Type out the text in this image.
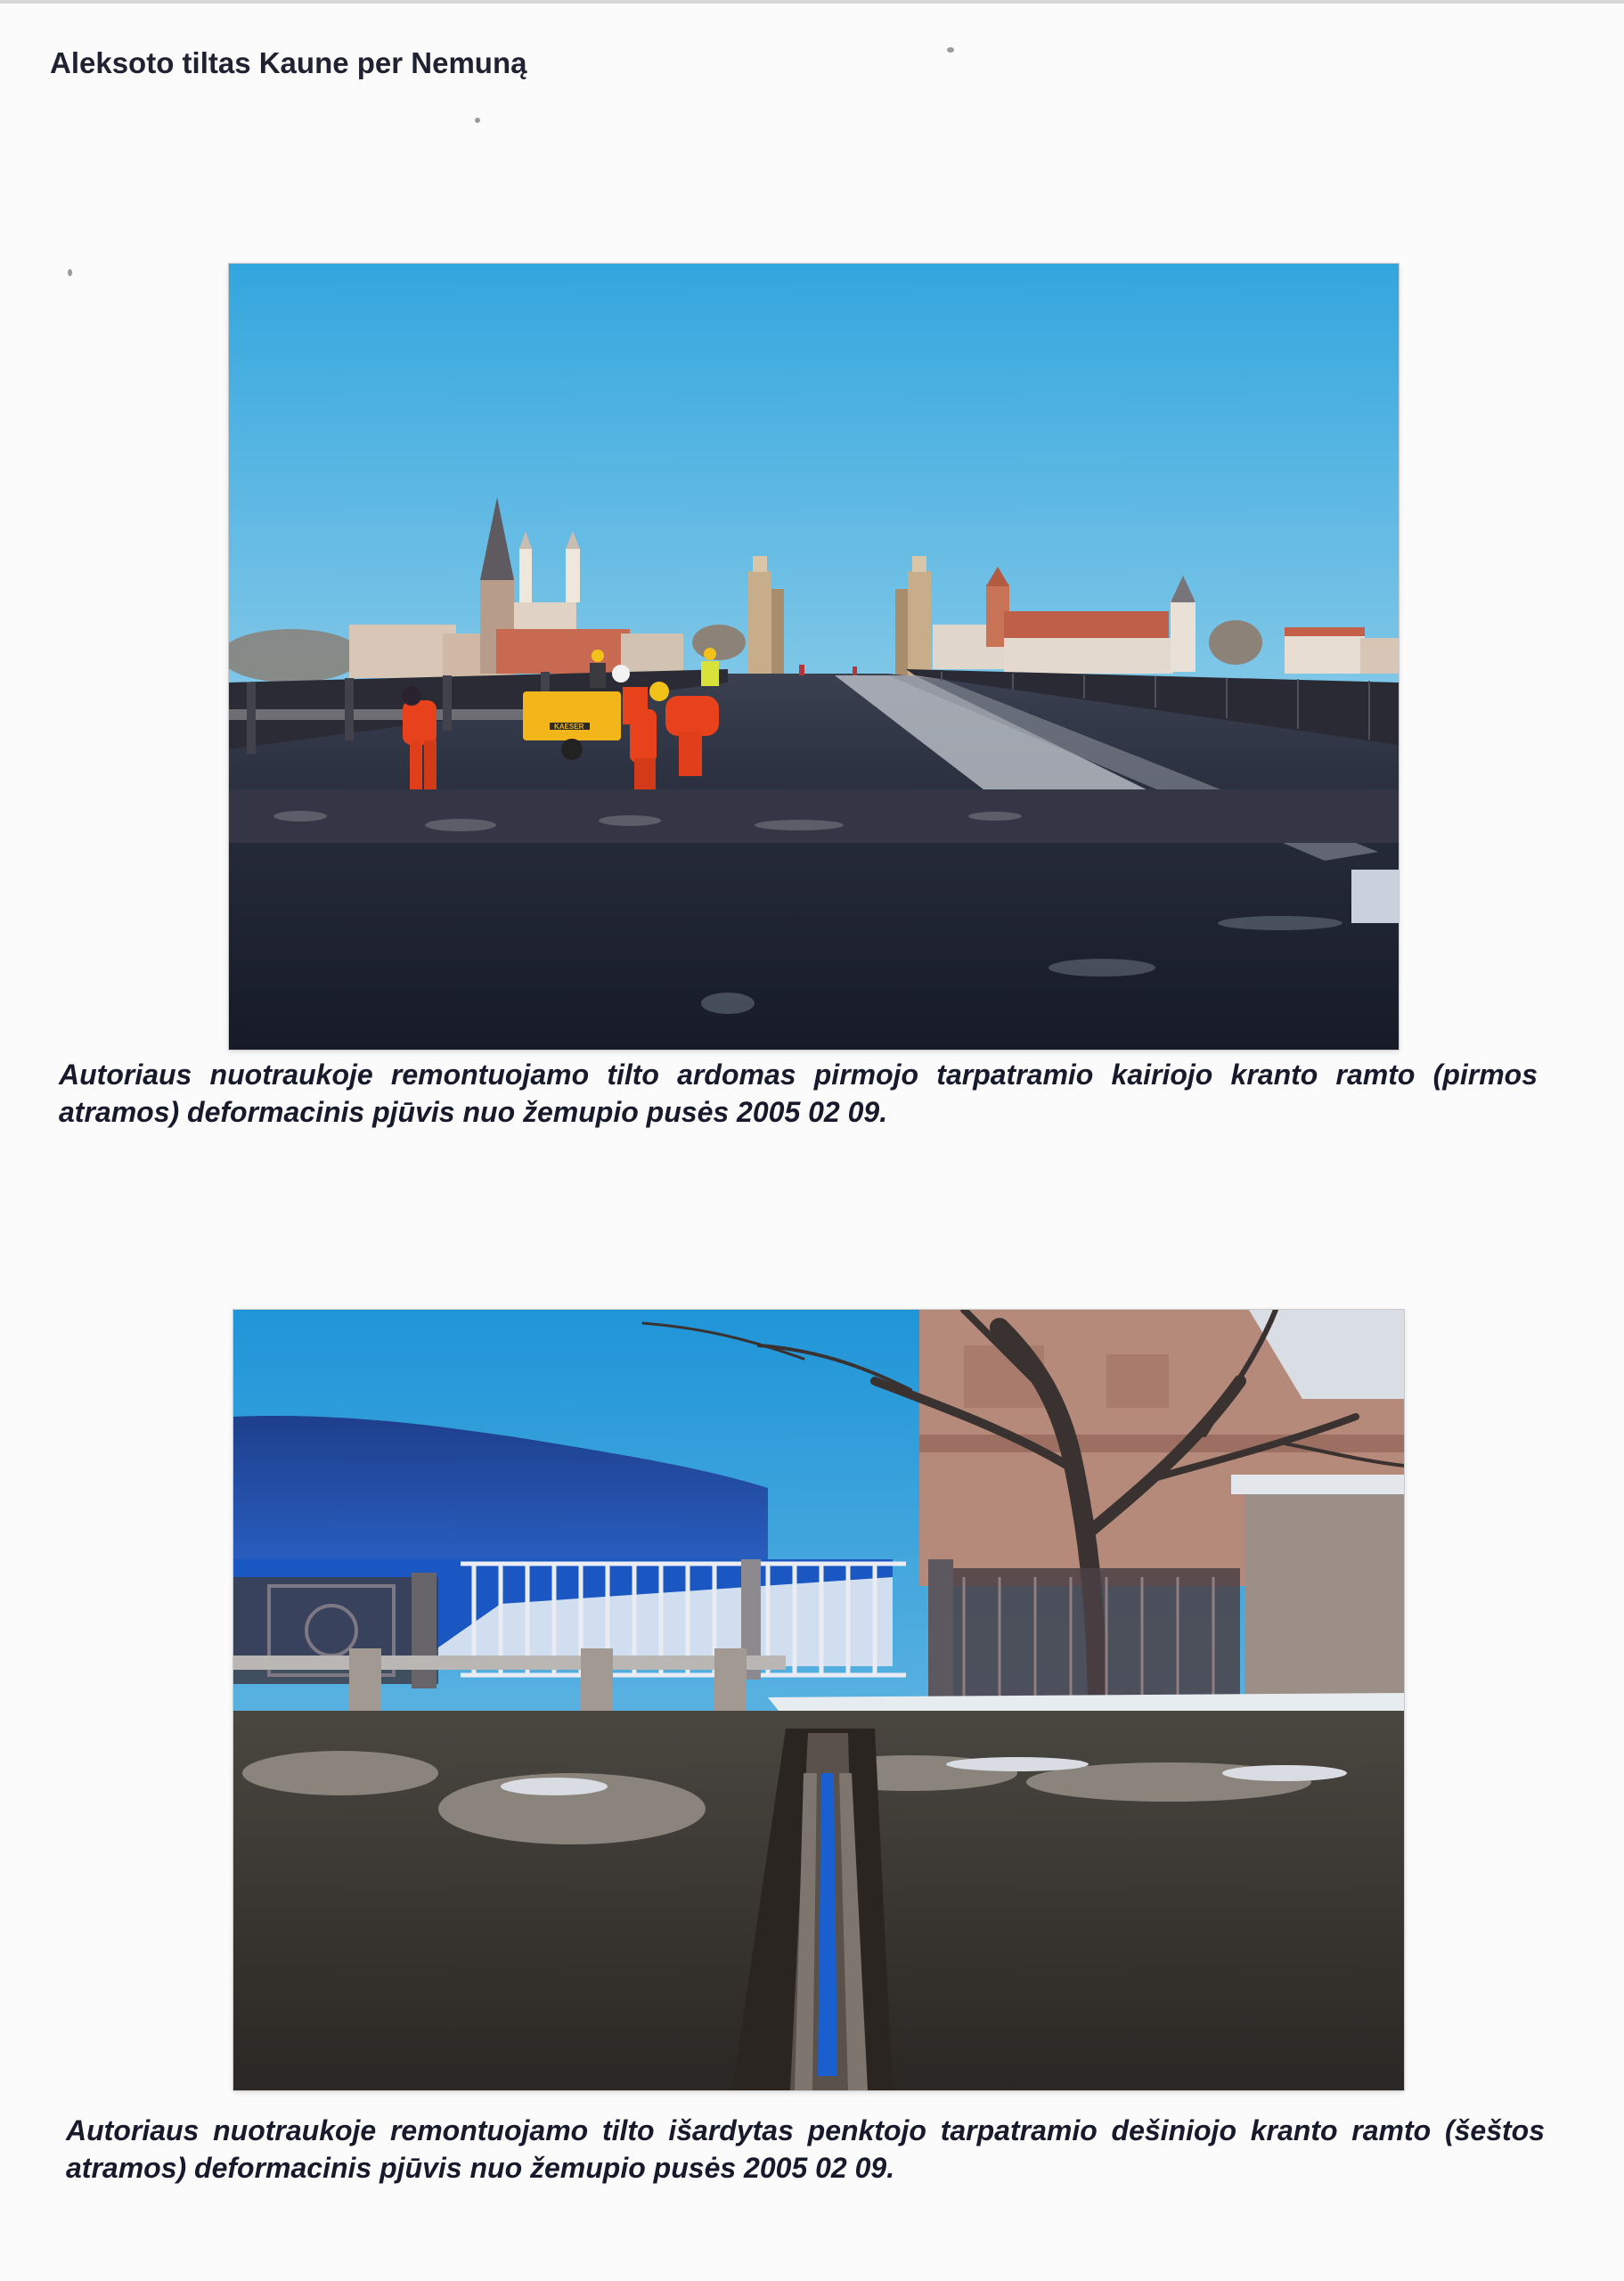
Aleksoto tiltas Kaune per Nemuną
KAESER
Autoriaus nuotraukoje remontuojamo tilto ardomas pirmojo tarpatramio kairiojo kranto ramto (pirmos atramos) deformacinis pjūvis nuo žemupio pusės 2005 02 09.
Autoriaus nuotraukoje remontuojamo tilto išardytas penktojo tarpatramio dešiniojo kranto ramto (šeštos atramos) deformacinis pjūvis nuo žemupio pusės 2005 02 09.
